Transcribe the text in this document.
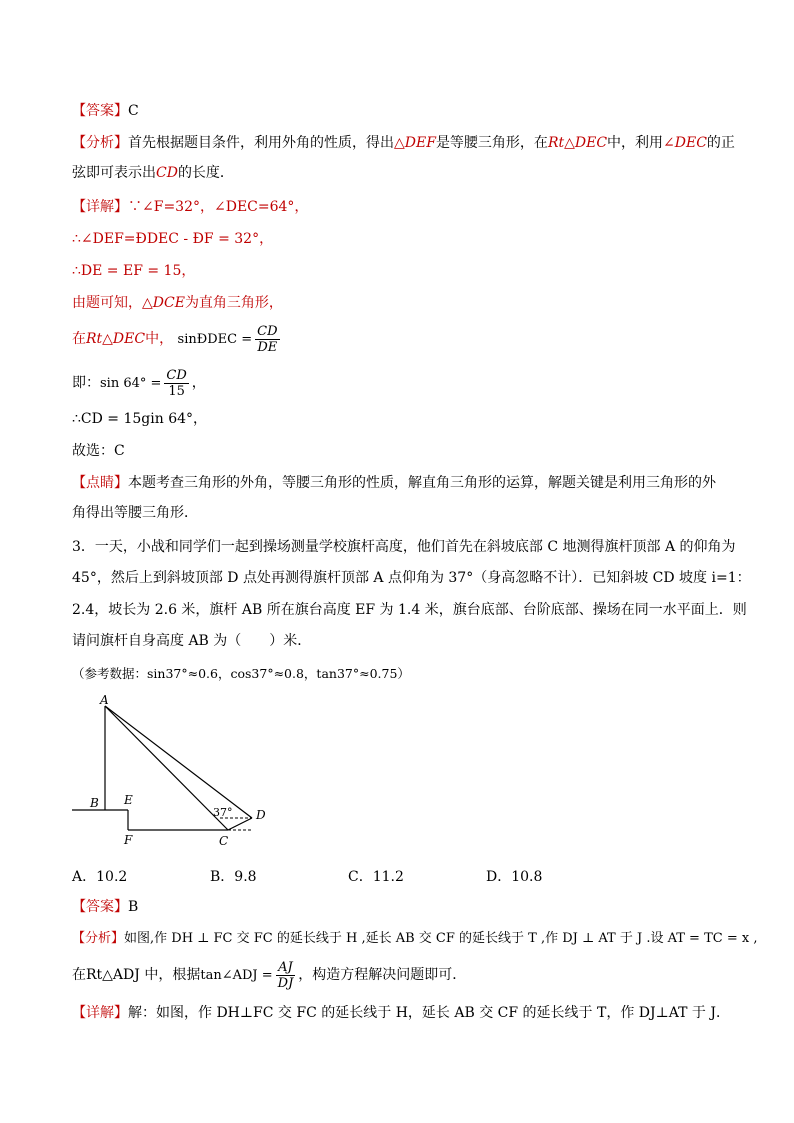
【答案】C
【分析】首先根据题目条件，利用外角的性质，得出△DEF是等腰三角形，在Rt△DEC中，利用∠DEC的正
弦即可表示出CD的长度．
【详解】∵∠F=32°，∠DEC=64°，
∴∠DEF=ÐDEC - ÐF = 32°，
∴DE = EF = 15，
由题可知，△DCE为直角三角形，
在Rt△DEC中， sinÐDEC = $\frac{CD}{DE}$
即：$\sin 64^\circ = \frac{CD}{15}$ ，
∴CD = 15gin 64°，
故选：C
【点睛】本题考查三角形的外角，等腰三角形的性质，解直角三角形的运算，解题关键是利用三角形的外
角得出等腰三角形．
3．一天，小战和同学们一起到操场测量学校旗杆高度，他们首先在斜坡底部 C 地测得旗杆顶部 A 的仰角为
45°，然后上到斜坡顶部 D 点处再测得旗杆顶部 A 点仰角为 37°（身高忽略不计）．已知斜坡 CD 坡度 i=1：
2.4，坡长为 2.6 米，旗杆 AB 所在旗台高度 EF 为 1.4 米，旗台底部、台阶底部、操场在同一水平面上．则
请问旗杆自身高度 AB 为（　　）米．
（参考数据：sin37°≈0.6，cos37°≈0.8，tan37°≈0.75）
A
B E
F	C
D
37°
A．10.2	B．9.8	C．11.2	D．10.8
【答案】B
【分析】如图,作 DH ⊥ FC 交 FC 的延长线于 H ,延长 AB 交 CF 的延长线于 T ,作 DJ ⊥ AT 于 J .设 AT = TC = x ,
在Rt△ADJ 中，根据tan∠ADJ = $\frac{AJ}{DJ}$ ，构造方程解决问题即可．
【详解】解：如图，作 DH⊥FC 交 FC 的延长线于 H，延长 AB 交 CF 的延长线于 T，作 DJ⊥AT 于 J．
